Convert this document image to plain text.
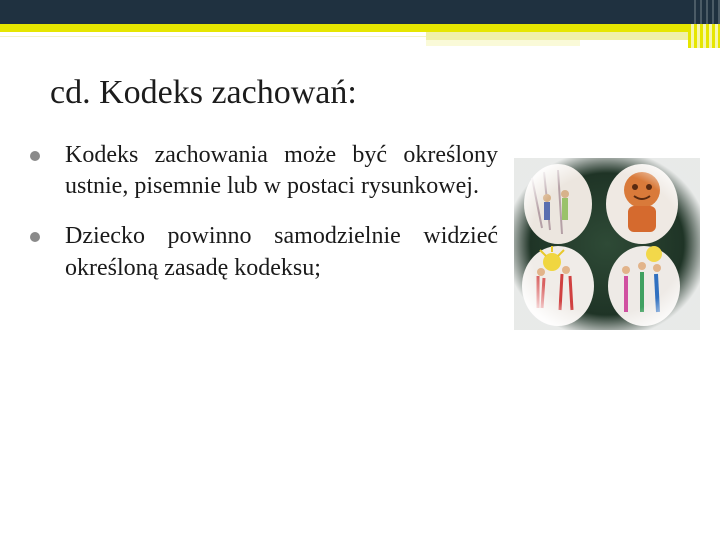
cd. Kodeks zachowań:
Kodeks zachowania może być określony ustnie, pisemnie lub w postaci rysunkowej.
Dziecko powinno samodzielnie widzieć określoną zasadę kodeksu;
